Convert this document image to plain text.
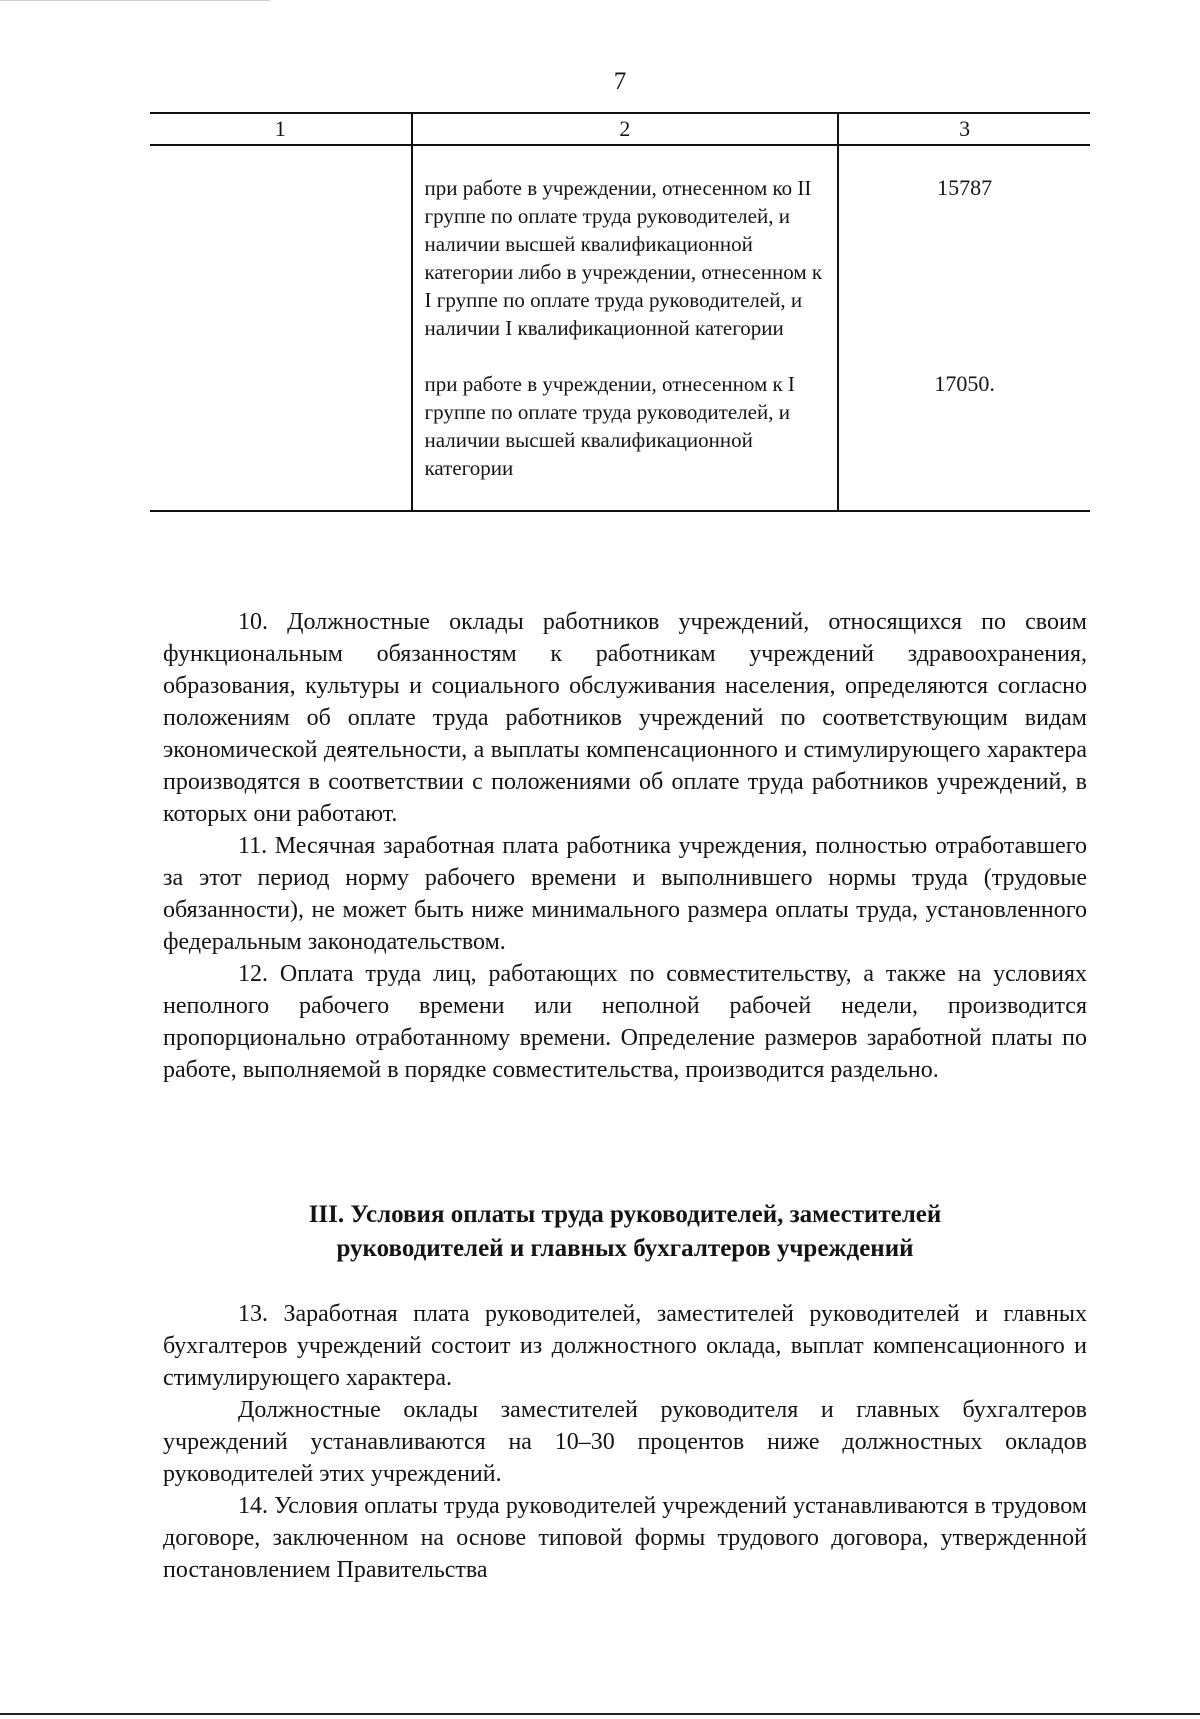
7
1	2	3

	при работе в учреждении, отнесенном ко II группе по оплате труда руководителей, и наличии высшей квалификационной категории либо в учреждении, отнесенном к I группе по оплате труда руководителей, и наличии I квалификационной категории	15787

	при работе в учреждении, отнесенном к I группе по оплате труда руководителей, и наличии высшей квалификационной категории	17050.

10. Должностные оклады работников учреждений, относящихся по своим функциональным обязанностям к работникам учреждений здравоохранения, образования, культуры и социального обслуживания населения, определяются согласно положениям об оплате труда работников учреждений по соответствующим видам экономической деятельности, а выплаты компенсационного и стимулирующего характера производятся в соответствии с положениями об оплате труда работников учреждений, в которых они работают.

11. Месячная заработная плата работника учреждения, полностью отработавшего за этот период норму рабочего времени и выполнившего нормы труда (трудовые обязанности), не может быть ниже минимального размера оплаты труда, установленного федеральным законодательством.

12. Оплата труда лиц, работающих по совместительству, а также на условиях неполного рабочего времени или неполной рабочей недели, производится пропорционально отработанному времени. Определение размеров заработной платы по работе, выполняемой в порядке совместительства, производится раздельно.

III. Условия оплаты труда руководителей, заместителей
руководителей и главных бухгалтеров учреждений

13. Заработная плата руководителей, заместителей руководителей и главных бухгалтеров учреждений состоит из должностного оклада, выплат компенсационного и стимулирующего характера.

Должностные оклады заместителей руководителя и главных бухгалтеров учреждений устанавливаются на 10–30 процентов ниже должностных окладов руководителей этих учреждений.

14. Условия оплаты труда руководителей учреждений устанавливаются в трудовом договоре, заключенном на основе типовой формы трудового договора, утвержденной постановлением Правительства
